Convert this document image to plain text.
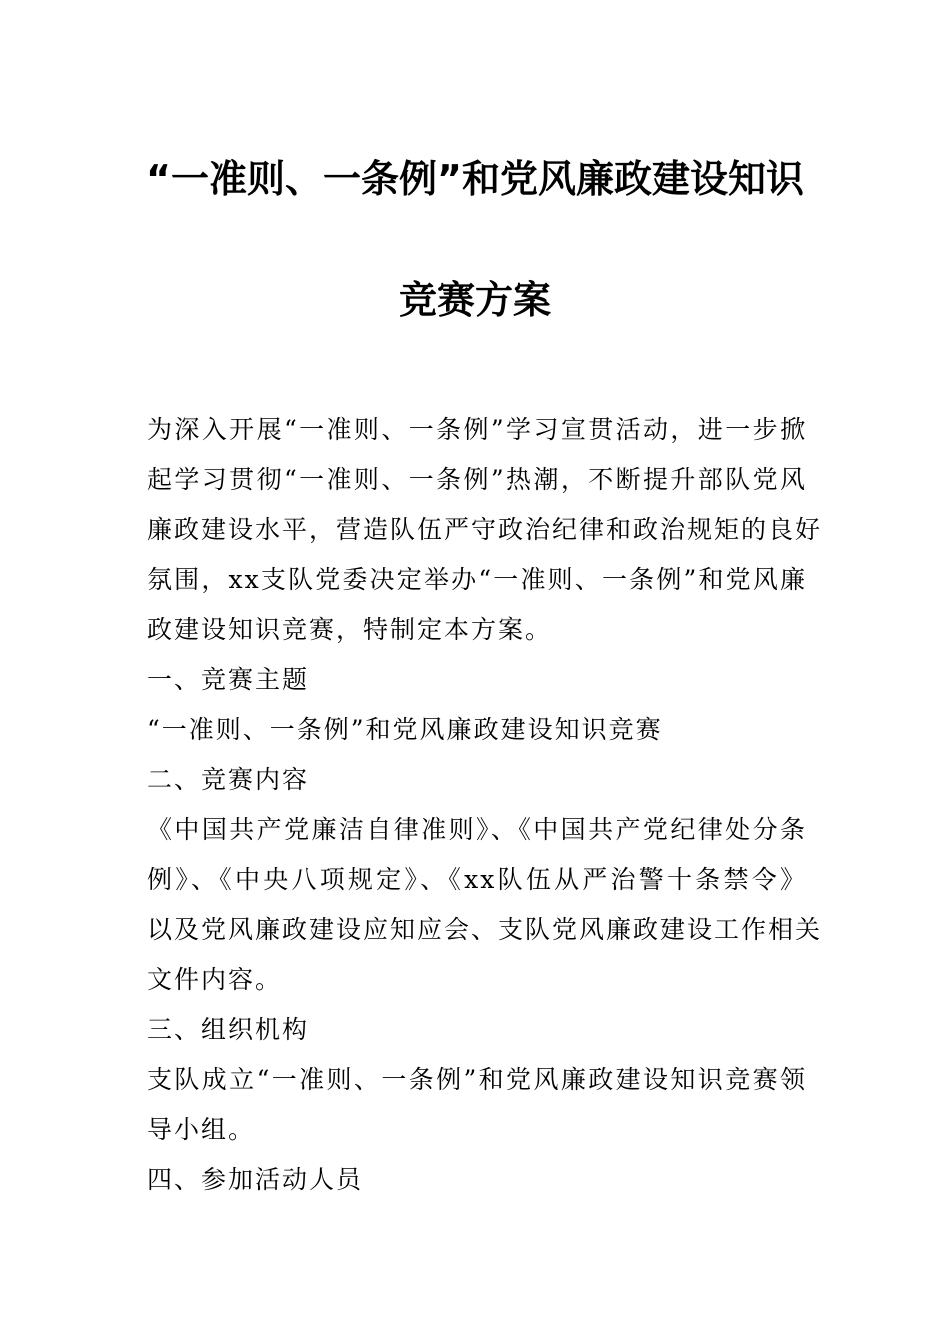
“一准则、一条例”和党风廉政建设知识
竞赛方案
为深入开展“一准则、一条例”学习宣贯活动，进一步掀
起学习贯彻“一准则、一条例”热潮，不断提升部队党风
廉政建设水平，营造队伍严守政治纪律和政治规矩的良好
氛围，xx支队党委决定举办“一准则、一条例”和党风廉
政建设知识竞赛，特制定本方案。
一、竞赛主题
“一准则、一条例”和党风廉政建设知识竞赛
二、竞赛内容
《中国共产党廉洁自律准则》、《中国共产党纪律处分条
例》、《中央八项规定》、《xx队伍从严治警十条禁令》
以及党风廉政建设应知应会、支队党风廉政建设工作相关
文件内容。
三、组织机构
支队成立“一准则、一条例”和党风廉政建设知识竞赛领
导小组。
四、参加活动人员
